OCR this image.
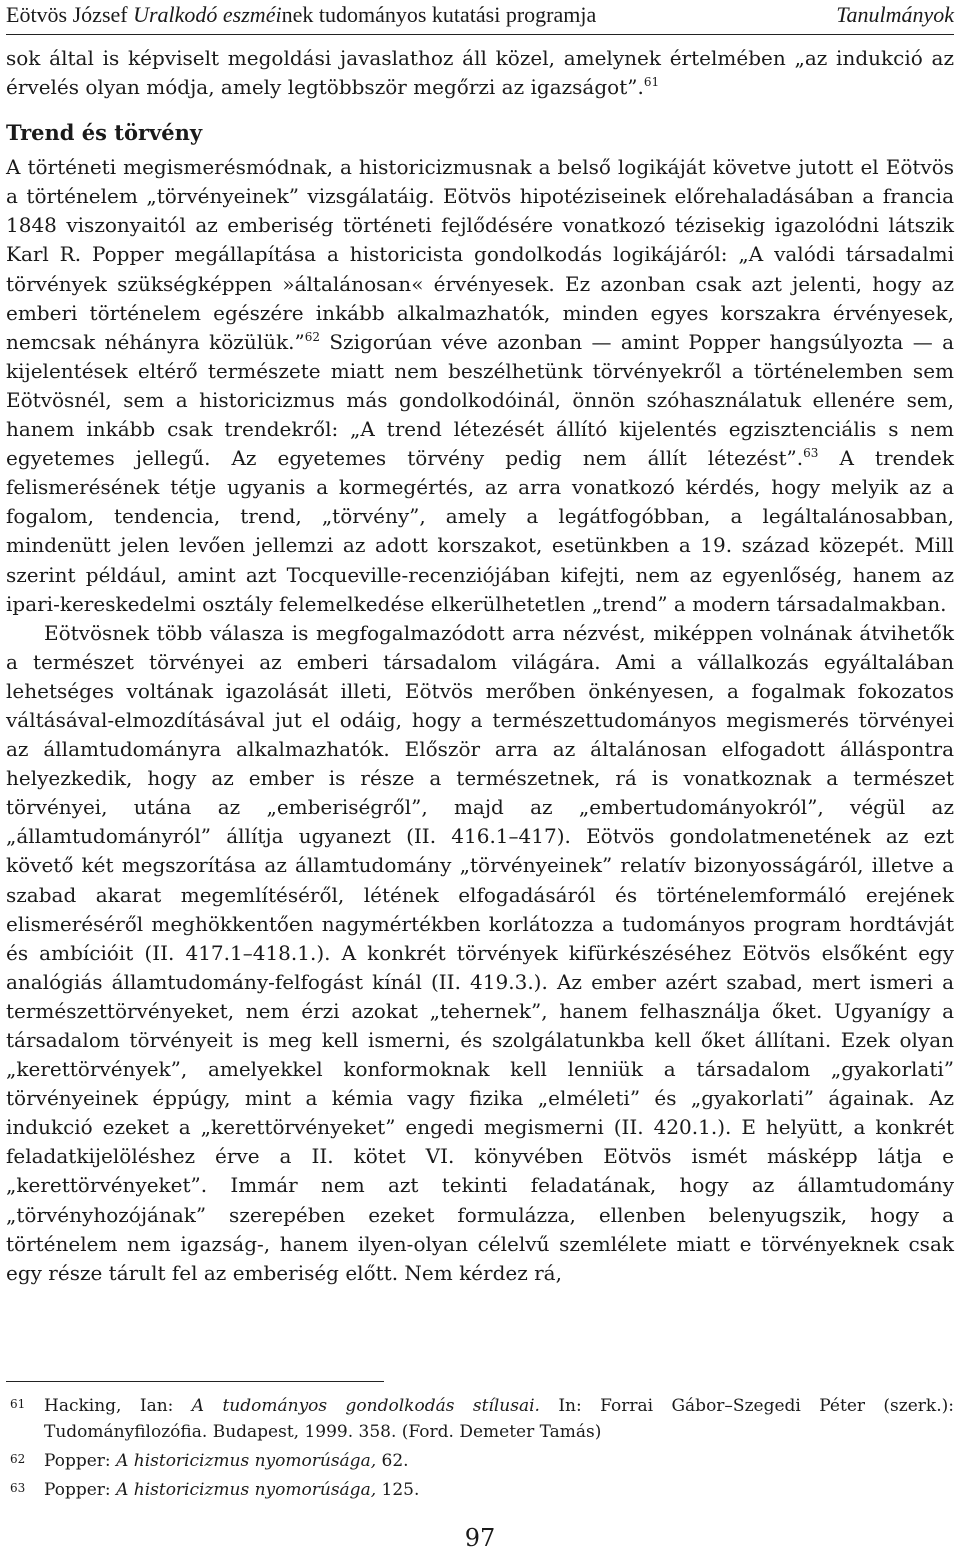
Eötvös József Uralkodó eszméinek tudományos kutatási programja	Tanulmányok

sok által is képviselt megoldási javaslathoz áll közel, amelynek értelmében „az indukció az érvelés olyan módja, amely legtöbbször megőrzi az igazságot”.$^{61}$

Trend és törvény

A történeti megismerésmódnak, a historicizmusnak a belső logikáját követve jutott el Eötvös a történelem „törvényeinek” vizsgálatáig. Eötvös hipotéziseinek előrehaladásában a francia 1848 viszonyaitól az emberiség történeti fejlődésére vonatkozó tézisekig igazolódni látszik Karl R. Popper megállapítása a historicista gondolkodás logikájáról: „A valódi társadalmi törvények szükségképpen »általánosan« érvényesek. Ez azonban csak azt jelenti, hogy az emberi történelem egészére inkább alkalmazhatók, minden egyes korszakra érvényesek, nemcsak néhányra közülük.”$^{62}$ Szigorúan véve azonban — amint Popper hangsúlyozta — a kijelentések eltérő természete miatt nem beszélhetünk törvényekről a történelemben sem Eötvösnél, sem a historicizmus más gondolkodóinál, önnön szóhasználatuk ellenére sem, hanem inkább csak trendekről: „A trend létezését állító kijelentés egzisztenciális s nem egyetemes jellegű. Az egyetemes törvény pedig nem állít létezést”.$^{63}$ A trendek felismerésének tétje ugyanis a kormegértés, az arra vonatkozó kérdés, hogy melyik az a fogalom, tendencia, trend, „törvény”, amely a legátfogóbban, a legáltalánosabban, mindenütt jelen levően jellemzi az adott korszakot, esetünkben a 19. század közepét. Mill szerint például, amint azt Tocqueville-recenziójában kifejti, nem az egyenlőség, hanem az ipari-kereskedelmi osztály felemelkedése elkerülhetetlen „trend” a modern társadalmakban.

Eötvösnek több válasza is megfogalmazódott arra nézvést, miképpen volnának átvihetők a természet törvényei az emberi társadalom világára. Ami a vállalkozás egyáltalában lehetséges voltának igazolását illeti, Eötvös merőben önkényesen, a fogalmak fokozatos váltásával-elmozdításával jut el odáig, hogy a természettudományos megismerés törvényei az államtudományra alkalmazhatók. Először arra az általánosan elfogadott álláspontra helyezkedik, hogy az ember is része a természetnek, rá is vonatkoznak a természet törvényei, utána az „emberiségről”, majd az „embertudományokról”, végül az „államtudományról” állítja ugyanezt (II. 416.1–417). Eötvös gondolatmenetének az ezt követő két megszorítása az államtudomány „törvényeinek” relatív bizonyosságáról, illetve a szabad akarat megemlítéséről, létének elfogadásáról és történelemformáló erejének elismeréséről meghökkentően nagymértékben korlátozza a tudományos program hordtávját és ambícióit (II. 417.1–418.1.). A konkrét törvények kifürkészéséhez Eötvös elsőként egy analógiás államtudomány-felfogást kínál (II. 419.3.). Az ember azért szabad, mert ismeri a természettörvényeket, nem érzi azokat „tehernek”, hanem felhasználja őket. Ugyanígy a társadalom törvényeit is meg kell ismerni, és szolgálatunkba kell őket állítani. Ezek olyan „kerettörvények”, amelyekkel konformoknak kell lenniük a társadalom „gyakorlati” törvényeinek éppúgy, mint a kémia vagy fizika „elméleti” és „gyakorlati” ágainak. Az indukció ezeket a „kerettörvényeket” engedi megismerni (II. 420.1.). E helyütt, a konkrét feladatkijelöléshez érve a II. kötet VI. könyvében Eötvös ismét másképp látja e „kerettörvényeket”. Immár nem azt tekinti feladatának, hogy az államtudomány „törvényhozójának” szerepében ezeket formulázza, ellenben belenyugszik, hogy a történelem nem igazság-, hanem ilyen-olyan célelvű szemlélete miatt e törvényeknek csak egy része tárult fel az emberiség előtt. Nem kérdez rá,

61 Hacking, Ian: A tudományos gondolkodás stílusai. In: Forrai Gábor–Szegedi Péter (szerk.): Tudományfilozófia. Budapest, 1999. 358. (Ford. Demeter Tamás)
62 Popper: A historicizmus nyomorúsága, 62.
63 Popper: A historicizmus nyomorúsága, 125.
97
